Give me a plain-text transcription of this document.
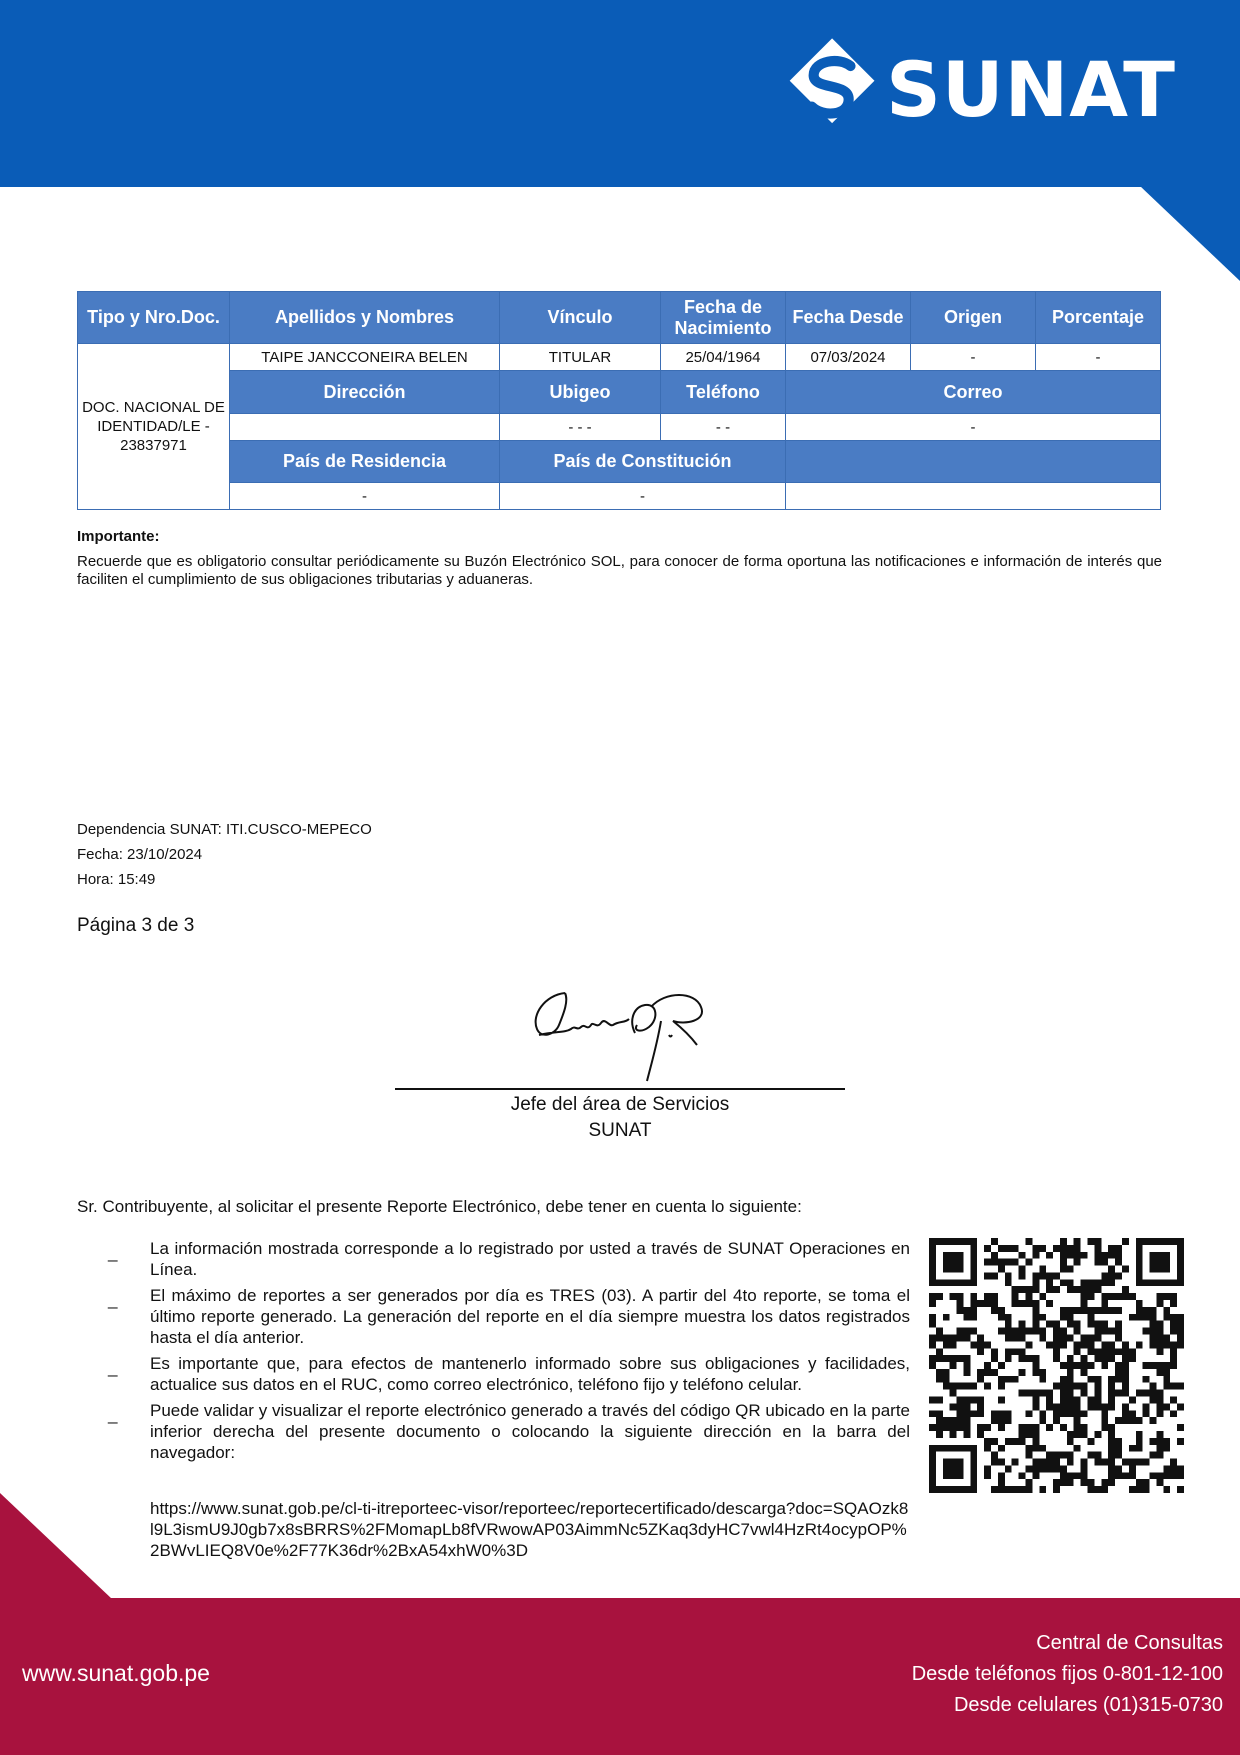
SUNAT
Tipo y Nro.Doc.	Apellidos y Nombres	Vínculo	Fecha de Nacimiento	Fecha Desde	Origen	Porcentaje
DOC. NACIONAL DE IDENTIDAD/LE - 23837971	TAIPE JANCCONEIRA BELEN	TITULAR	25/04/1964	07/03/2024	-	-
	Dirección	Ubigeo	Teléfono	Correo		
		- - -	- -	-		
	País de Residencia	País de Constitución				
	-	-				
Importante:
Recuerde que es obligatorio consultar periódicamente su Buzón Electrónico SOL, para conocer de forma oportuna las notificaciones e información de interés que faciliten el cumplimiento de sus obligaciones tributarias y aduaneras.
Dependencia SUNAT: ITI.CUSCO-MEPECO
Fecha: 23/10/2024
Hora: 15:49
Página 3 de 3
Jefe del área de Servicios
SUNAT
Sr. Contribuyente, al solicitar el presente Reporte Electrónico, debe tener en cuenta lo siguiente:
_ La información mostrada corresponde a lo registrado por usted a través de SUNAT Operaciones en Línea.
_ El máximo de reportes a ser generados por día es TRES (03). A partir del 4to reporte, se toma el último reporte generado. La generación del reporte en el día siempre muestra los datos registrados hasta el día anterior.
_ Es importante que, para efectos de mantenerlo informado sobre sus obligaciones y facilidades, actualice sus datos en el RUC, como correo electrónico, teléfono fijo y teléfono celular.
_ Puede validar y visualizar el reporte electrónico generado a través del código QR ubicado en la parte inferior derecha del presente documento o colocando la siguiente dirección en la barra del navegador:
https://www.sunat.gob.pe/cl-ti-itreporteec-visor/reporteec/reportecertificado/descarga?doc=SQAOzk8l9L3ismU9J0gb7x8sBRRS%2FMomapLb8fVRwowAP03AimmNc5ZKaq3dyHC7vwl4HzRt4ocypOP%2BWvLIEQ8V0e%2F77K36dr%2BxA54xhW0%3D
www.sunat.gob.pe
Central de Consultas
Desde teléfonos fijos 0-801-12-100
Desde celulares (01)315-0730
